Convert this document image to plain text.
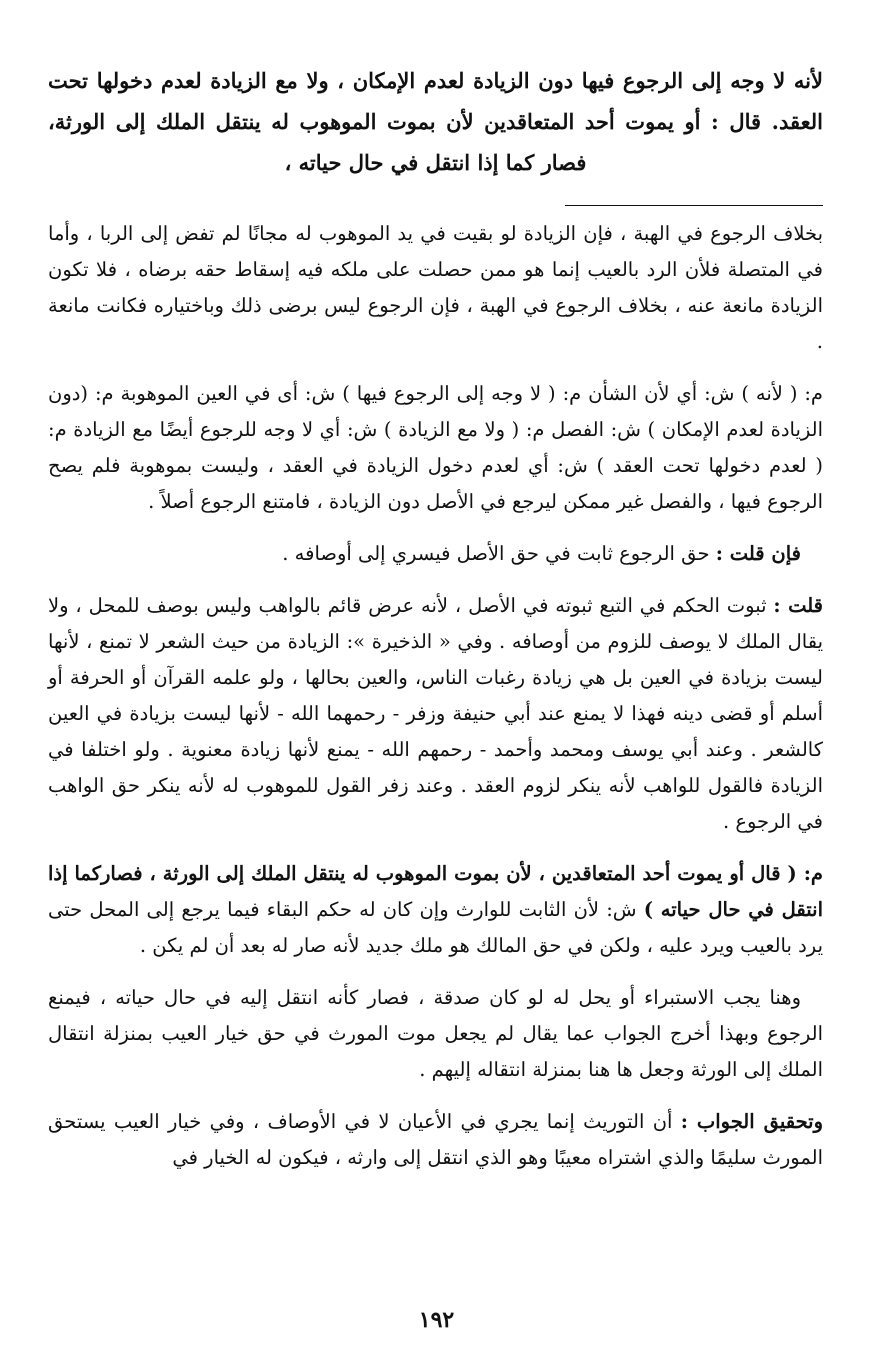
لأنه لا وجه إلى الرجوع فيها دون الزيادة لعدم الإمكان ، ولا مع الزيادة لعدم دخولها تحت العقد. قال : أو يموت أحد المتعاقدين لأن بموت الموهوب له ينتقل الملك إلى الورثة، فصار كما إذا انتقل في حال حياته ،

بخلاف الرجوع في الهبة ، فإن الزيادة لو بقيت في يد الموهوب له مجانًا لم تفض إلى الربا ، وأما في المتصلة فلأن الرد بالعيب إنما هو ممن حصلت على ملكه فيه إسقاط حقه برضاه ، فلا تكون الزيادة مانعة عنه ، بخلاف الرجوع في الهبة ، فإن الرجوع ليس برضى ذلك وباختياره فكانت مانعة .

م: ( لأنه ) ش: أي لأن الشأن م: ( لا وجه إلى الرجوع فيها ) ش: أى في العين الموهوبة م: (دون الزيادة لعدم الإمكان ) ش: الفصل م: ( ولا مع الزيادة ) ش: أي لا وجه للرجوع أيضًا مع الزيادة م: ( لعدم دخولها تحت العقد ) ش: أي لعدم دخول الزيادة في العقد ، وليست بموهوبة فلم يصح الرجوع فيها ، والفصل غير ممكن ليرجع في الأصل دون الزيادة ، فامتنع الرجوع أصلاً .

فإن قلت : حق الرجوع ثابت في حق الأصل فيسري إلى أوصافه .

قلت : ثبوت الحكم في التبع ثبوته في الأصل ، لأنه عرض قائم بالواهب وليس بوصف للمحل ، ولا يقال الملك لا يوصف للزوم من أوصافه . وفي « الذخيرة »: الزيادة من حيث الشعر لا تمنع ، لأنها ليست بزيادة في العين بل هي زيادة رغبات الناس، والعين بحالها ، ولو علمه القرآن أو الحرفة أو أسلم أو قضى دينه فهذا لا يمنع عند أبي حنيفة وزفر - رحمهما الله - لأنها ليست بزيادة في العين كالشعر . وعند أبي يوسف ومحمد وأحمد - رحمهم الله - يمنع لأنها زيادة معنوية . ولو اختلفا في الزيادة فالقول للواهب لأنه ينكر لزوم العقد . وعند زفر القول للموهوب له لأنه ينكر حق الواهب في الرجوع .

م: ( قال أو يموت أحد المتعاقدين ، لأن بموت الموهوب له ينتقل الملك إلى الورثة ، فصاركما إذا انتقل في حال حياته ) ش: لأن الثابت للوارث وإن كان له حكم البقاء فيما يرجع إلى المحل حتى يرد بالعيب ويرد عليه ، ولكن في حق المالك هو ملك جديد لأنه صار له بعد أن لم يكن .

وهنا يجب الاستبراء أو يحل له لو كان صدقة ، فصار كأنه انتقل إليه في حال حياته ، فيمنع الرجوع وبهذا أخرج الجواب عما يقال لم يجعل موت المورث في حق خيار العيب بمنزلة انتقال الملك إلى الورثة وجعل ها هنا بمنزلة انتقاله إليهم .

وتحقيق الجواب : أن التوريث إنما يجري في الأعيان لا في الأوصاف ، وفي خيار العيب يستحق المورث سليمًا والذي اشتراه معيبًا وهو الذي انتقل إلى وارثه ، فيكون له الخيار في

١٩٢
